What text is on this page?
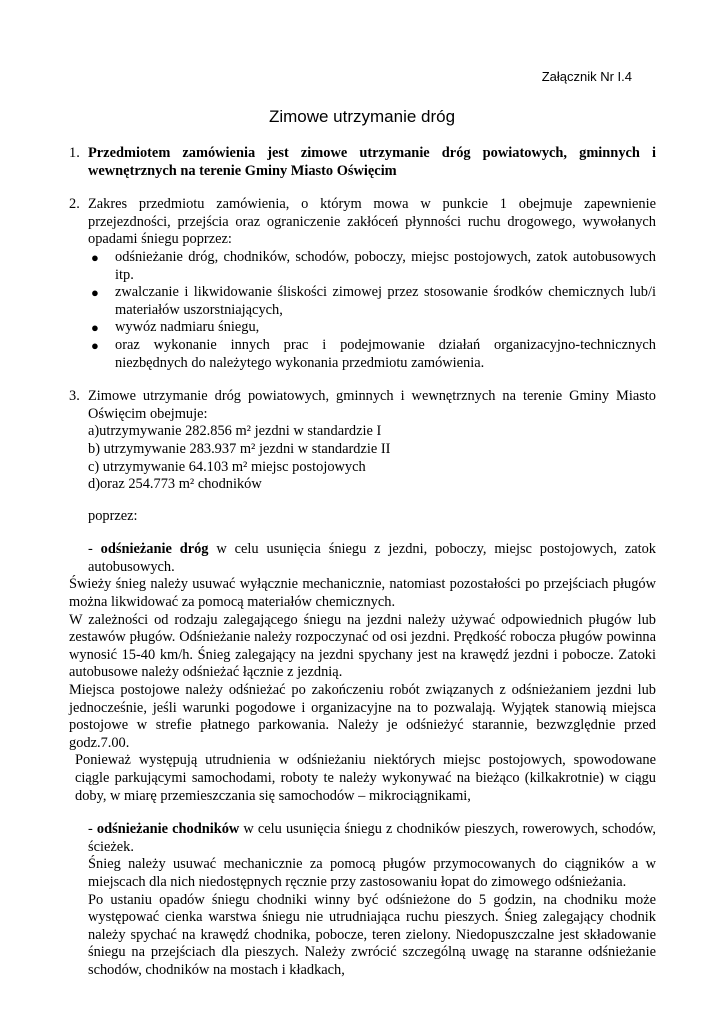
Załącznik Nr I.4
Zimowe utrzymanie dróg
1. Przedmiotem zamówienia jest zimowe utrzymanie dróg powiatowych, gminnych i wewnętrznych na terenie Gminy Miasto Oświęcim
2. Zakres przedmiotu zamówienia, o którym mowa w punkcie 1 obejmuje zapewnienie przejezdności, przejścia oraz ograniczenie zakłóceń płynności ruchu drogowego, wywołanych opadami śniegu poprzez:
●	odśnieżanie dróg, chodników, schodów, poboczy, miejsc postojowych, zatok autobusowych itp.
●	zwalczanie i likwidowanie śliskości zimowej przez stosowanie środków chemicznych lub/i materiałów uszorstniających,
●	wywóz nadmiaru śniegu,
●	oraz wykonanie innych prac i podejmowanie działań organizacyjno-technicznych niezbędnych do należytego wykonania przedmiotu zamówienia.
3. Zimowe utrzymanie dróg powiatowych, gminnych i wewnętrznych na terenie Gminy Miasto Oświęcim obejmuje:
a)utrzymywanie 282.856 m² jezdni w standardzie I
b) utrzymywanie 283.937 m² jezdni w standardzie II
c) utrzymywanie 64.103 m² miejsc postojowych
d)oraz 254.773 m² chodników
poprzez:
- odśnieżanie dróg w celu usunięcia śniegu z jezdni, poboczy, miejsc postojowych, zatok autobusowych.
Świeży śnieg należy usuwać wyłącznie mechanicznie, natomiast pozostałości po przejściach pługów można likwidować za pomocą materiałów chemicznych.
W zależności od rodzaju zalegającego śniegu na jezdni należy używać odpowiednich pługów lub zestawów pługów. Odśnieżanie należy rozpoczynać od osi jezdni. Prędkość robocza pługów powinna wynosić 15-40 km/h. Śnieg zalegający na jezdni spychany jest na krawędź jezdni i pobocze. Zatoki autobusowe należy odśnieżać łącznie z jezdnią.
Miejsca postojowe należy odśnieżać po zakończeniu robót związanych z odśnieżaniem jezdni lub jednocześnie, jeśli warunki pogodowe i organizacyjne na to pozwalają. Wyjątek stanowią miejsca postojowe w strefie płatnego parkowania. Należy je odśnieżyć starannie, bezwzględnie przed godz.7.00.
Ponieważ występują utrudnienia w odśnieżaniu niektórych miejsc postojowych, spowodowane ciągle parkującymi samochodami, roboty te należy wykonywać na bieżąco (kilkakrotnie) w ciągu doby, w miarę przemieszczania się samochodów – mikrociągnikami,
- odśnieżanie chodników w celu usunięcia śniegu z chodników pieszych, rowerowych, schodów, ścieżek.
Śnieg należy usuwać mechanicznie za pomocą pługów przymocowanych do ciągników a w miejscach dla nich niedostępnych ręcznie przy zastosowaniu łopat do zimowego odśnieżania.
Po ustaniu opadów śniegu chodniki winny być odśnieżone do 5 godzin, na chodniku może występować cienka warstwa śniegu nie utrudniająca ruchu pieszych. Śnieg zalegający chodnik należy spychać na krawędź chodnika, pobocze, teren zielony. Niedopuszczalne jest składowanie śniegu na przejściach dla pieszych. Należy zwrócić szczególną uwagę na staranne odśnieżanie schodów, chodników na mostach i kładkach,
